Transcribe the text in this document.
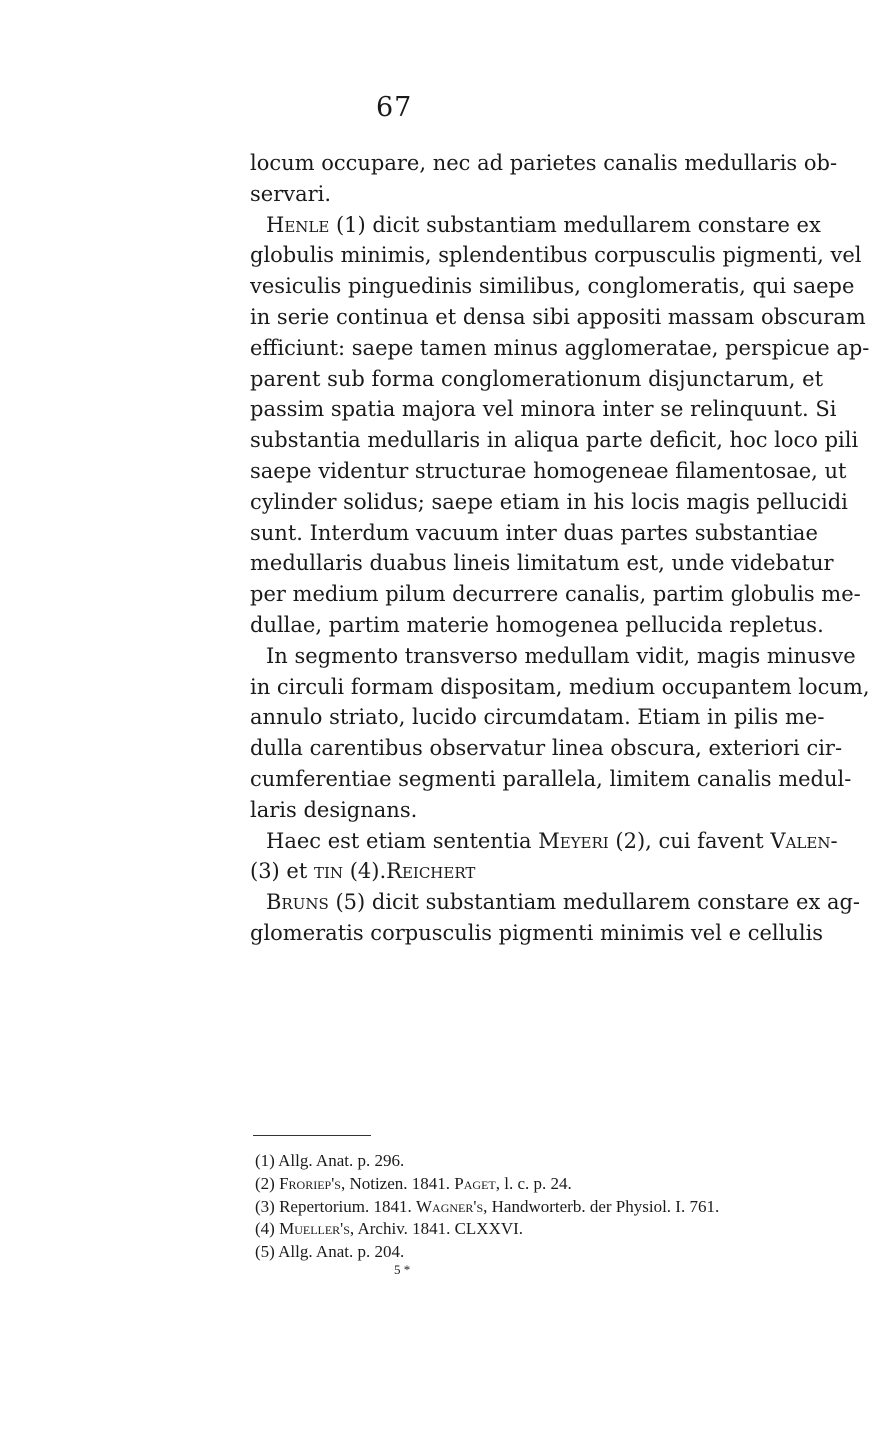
67
locum occupare, nec ad parietes canalis medullaris ob-
servari.
Henle (1) dicit substantiam medullarem constare ex
globulis minimis, splendentibus corpusculis pigmenti, vel
vesiculis pinguedinis similibus, conglomeratis, qui saepe
in serie continua et densa sibi appositi massam obscuram
efficiunt: saepe tamen minus agglomeratae, perspicue ap-
parent sub forma conglomerationum disjunctarum, et
passim spatia majora vel minora inter se relinquunt. Si
substantia medullaris in aliqua parte deficit, hoc loco pili
saepe videntur structurae homogeneae filamentosae, ut
cylinder solidus; saepe etiam in his locis magis pellucidi
sunt. Interdum vacuum inter duas partes substantiae
medullaris duabus lineis limitatum est, unde videbatur
per medium pilum decurrere canalis, partim globulis me-
dullae, partim materie homogenea pellucida repletus.
In segmento transverso medullam vidit, magis minusve
in circuli formam dispositam, medium occupantem locum,
annulo striato, lucido circumdatam. Etiam in pilis me-
dulla carentibus observatur linea obscura, exteriori cir-
cumferentiae segmenti parallela, limitem canalis medul-
laris designans.
Haec est etiam sententia Meyeri (2), cui favent Valen-
(3) et tin (4).Reichert
Bruns (5) dicit substantiam medullarem constare ex ag-
glomeratis corpusculis pigmenti minimis vel e cellulis
(1) Allg. Anat. p. 296.
(2) Froriep's, Notizen. 1841. Paget, l. c. p. 24.
(3) Repertorium. 1841. Wagner's, Handworterb. der Physiol. I. 761.
(4) Mueller's, Archiv. 1841. CLXXVI.
(5) Allg. Anat. p. 204.
5 *
